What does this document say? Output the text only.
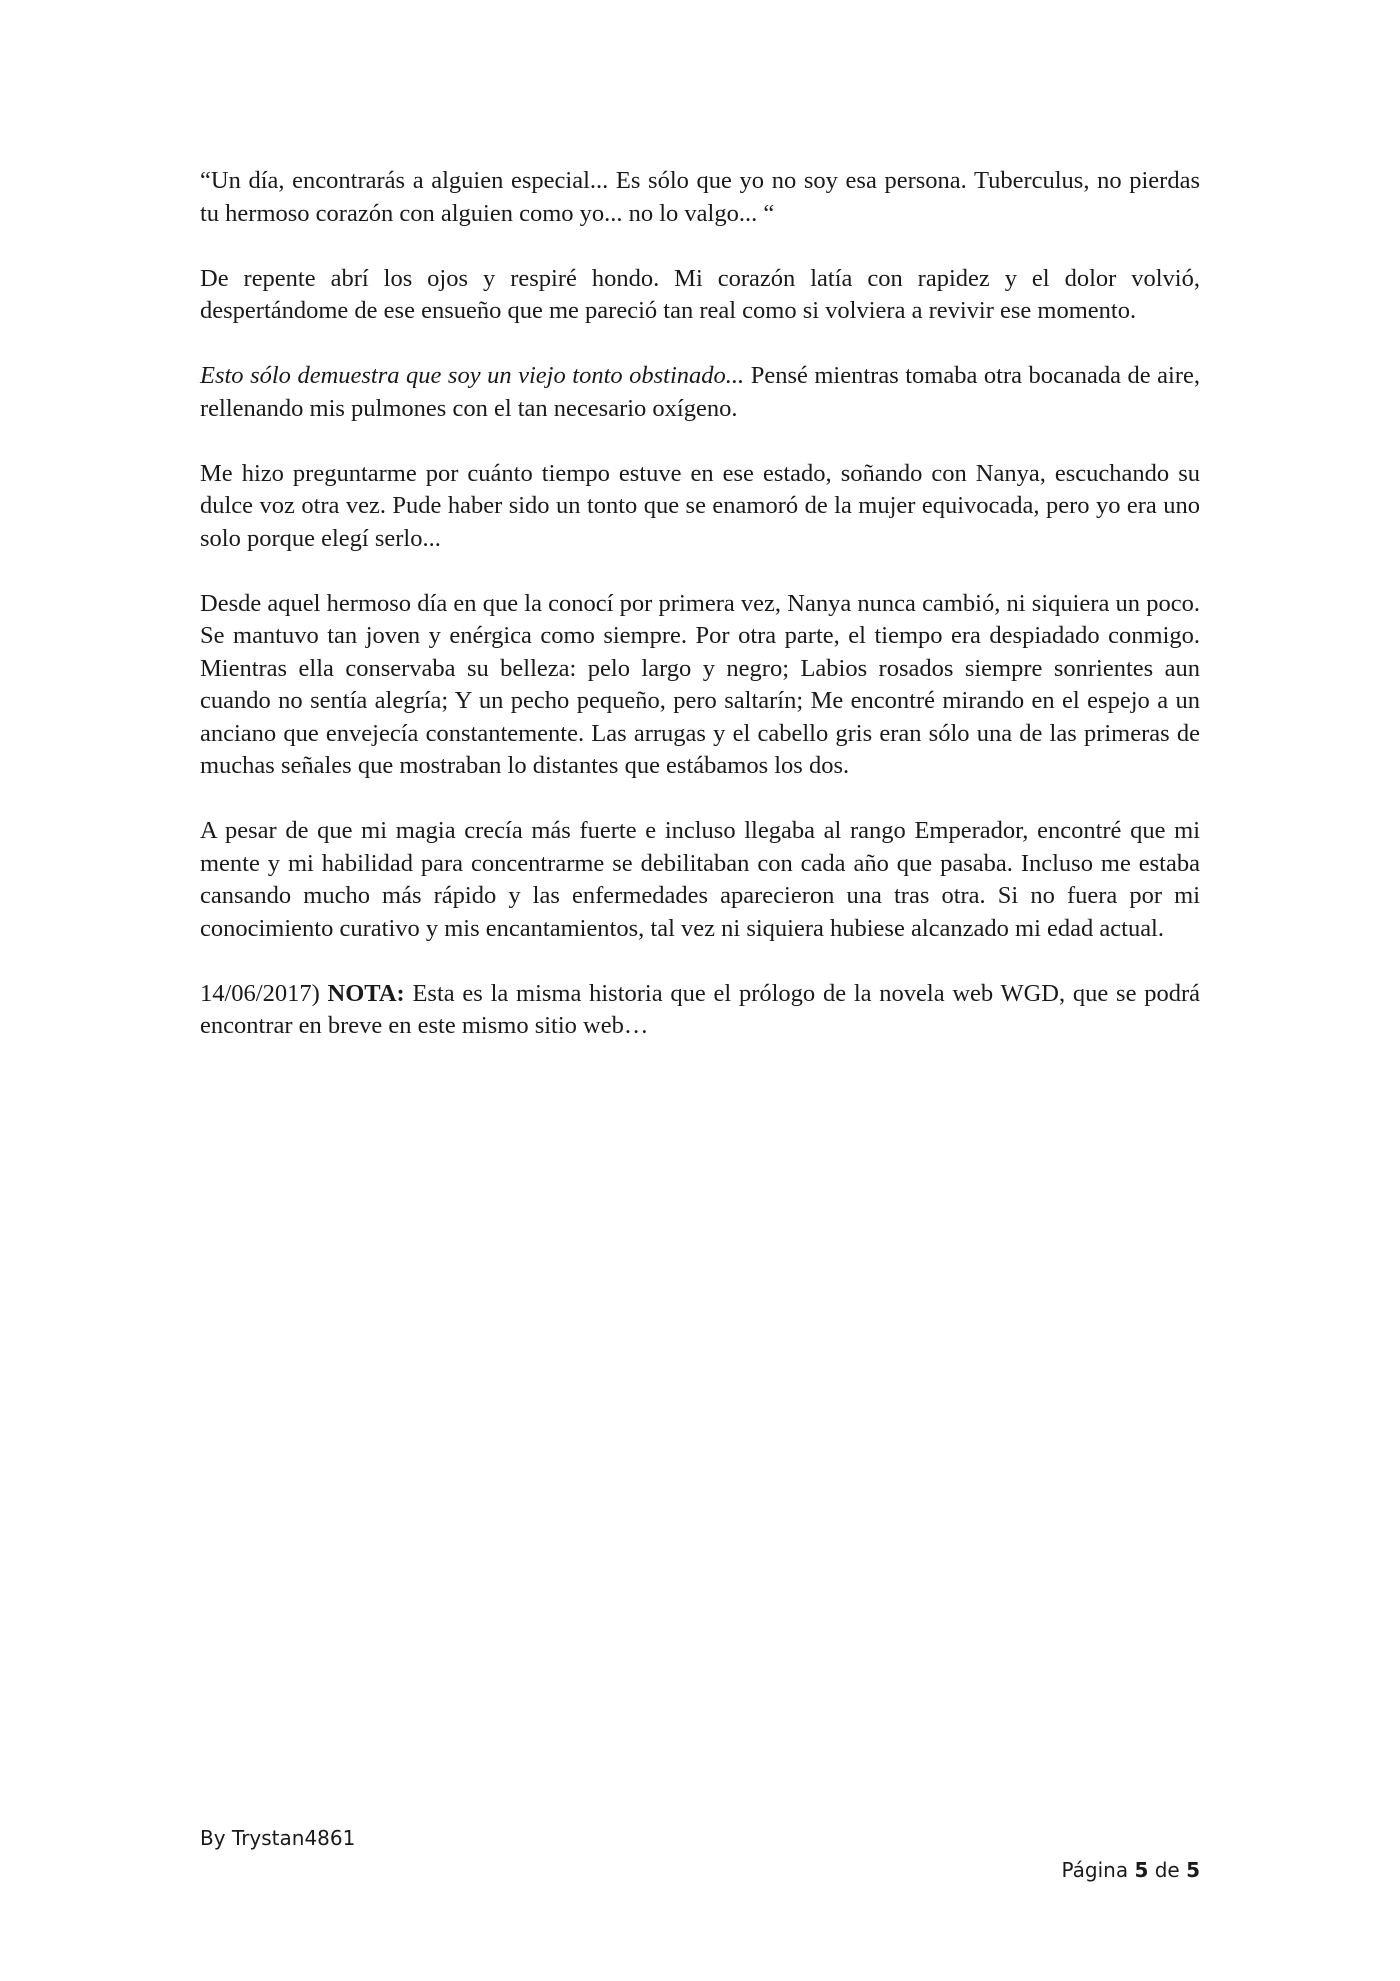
“Un día, encontrarás a alguien especial... Es sólo que yo no soy esa persona. Tuberculus, no pierdas tu hermoso corazón con alguien como yo... no lo valgo... “

De repente abrí los ojos y respiré hondo. Mi corazón latía con rapidez y el dolor volvió, despertándome de ese ensueño que me pareció tan real como si volviera a revivir ese momento.

Esto sólo demuestra que soy un viejo tonto obstinado... Pensé mientras tomaba otra bocanada de aire, rellenando mis pulmones con el tan necesario oxígeno.

Me hizo preguntarme por cuánto tiempo estuve en ese estado, soñando con Nanya, escuchando su dulce voz otra vez. Pude haber sido un tonto que se enamoró de la mujer equivocada, pero yo era uno solo porque elegí serlo...

Desde aquel hermoso día en que la conocí por primera vez, Nanya nunca cambió, ni siquiera un poco. Se mantuvo tan joven y enérgica como siempre. Por otra parte, el tiempo era despiadado conmigo. Mientras ella conservaba su belleza: pelo largo y negro; Labios rosados siempre sonrientes aun cuando no sentía alegría; Y un pecho pequeño, pero saltarín; Me encontré mirando en el espejo a un anciano que envejecía constantemente. Las arrugas y el cabello gris eran sólo una de las primeras de muchas señales que mostraban lo distantes que estábamos los dos.

A pesar de que mi magia crecía más fuerte e incluso llegaba al rango Emperador, encontré que mi mente y mi habilidad para concentrarme se debilitaban con cada año que pasaba. Incluso me estaba cansando mucho más rápido y las enfermedades aparecieron una tras otra. Si no fuera por mi conocimiento curativo y mis encantamientos, tal vez ni siquiera hubiese alcanzado mi edad actual.

14/06/2017) NOTA: Esta es la misma historia que el prólogo de la novela web WGD, que se podrá encontrar en breve en este mismo sitio web…

By Trystan4861
Página 5 de 5
